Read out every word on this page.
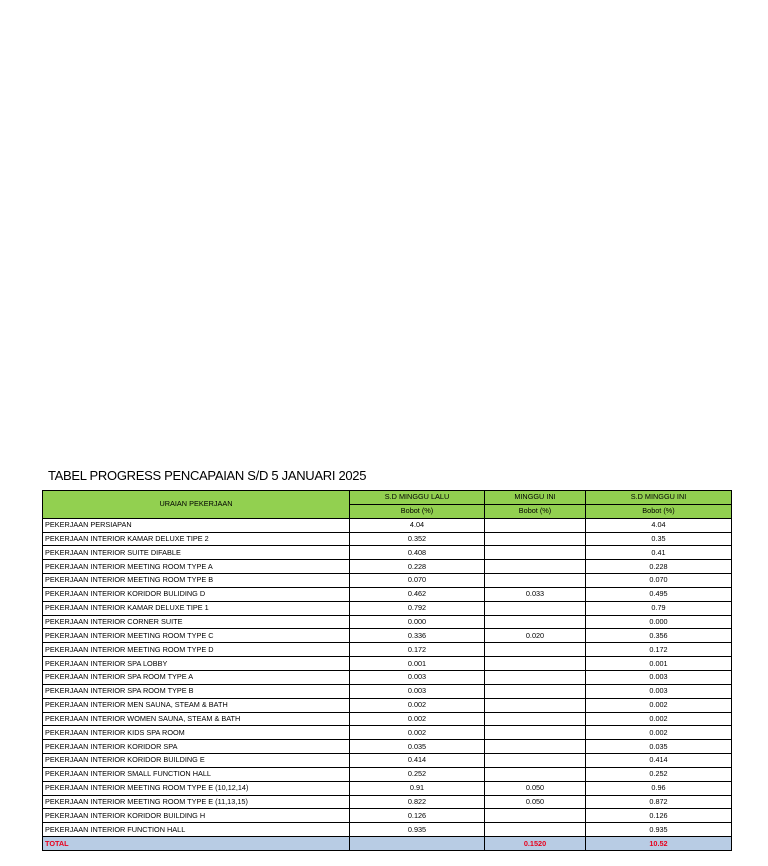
TABEL PROGRESS PENCAPAIAN S/D 5 JANUARI 2025
URAIAN PEKERJAAN	S.D MINGGU LALU	MINGGU INI	S.D MINGGU INI
	Bobot (%)	Bobot (%)	Bobot (%)
PEKERJAAN PERSIAPAN	4.04		4.04
PEKERJAAN INTERIOR KAMAR DELUXE TIPE 2	0.352		0.35
PEKERJAAN INTERIOR SUITE DIFABLE	0.408		0.41
PEKERJAAN INTERIOR MEETING ROOM TYPE A	0.228		0.228
PEKERJAAN INTERIOR MEETING ROOM TYPE B	0.070		0.070
PEKERJAAN INTERIOR KORIDOR BULIDING D	0.462	0.033	0.495
PEKERJAAN INTERIOR KAMAR DELUXE TIPE 1	0.792		0.79
PEKERJAAN INTERIOR CORNER SUITE	0.000		0.000
PEKERJAAN INTERIOR MEETING ROOM TYPE C	0.336	0.020	0.356
PEKERJAAN INTERIOR MEETING ROOM TYPE D	0.172		0.172
PEKERJAAN INTERIOR SPA LOBBY	0.001		0.001
PEKERJAAN INTERIOR SPA ROOM TYPE A	0.003		0.003
PEKERJAAN INTERIOR SPA ROOM TYPE B	0.003		0.003
PEKERJAAN INTERIOR MEN SAUNA, STEAM & BATH	0.002		0.002
PEKERJAAN INTERIOR WOMEN SAUNA, STEAM & BATH	0.002		0.002
PEKERJAAN INTERIOR KIDS SPA ROOM	0.002		0.002
PEKERJAAN INTERIOR KORIDOR SPA	0.035		0.035
PEKERJAAN INTERIOR KORIDOR BUILDING E	0.414		0.414
PEKERJAAN INTERIOR SMALL FUNCTION HALL	0.252		0.252
PEKERJAAN INTERIOR MEETING ROOM TYPE E (10,12,14)	0.91	0.050	0.96
PEKERJAAN INTERIOR MEETING ROOM TYPE E (11,13,15)	0.822	0.050	0.872
PEKERJAAN INTERIOR KORIDOR BUILDING H	0.126		0.126
PEKERJAAN INTERIOR FUNCTION HALL	0.935		0.935
TOTAL		0.1520	10.52
